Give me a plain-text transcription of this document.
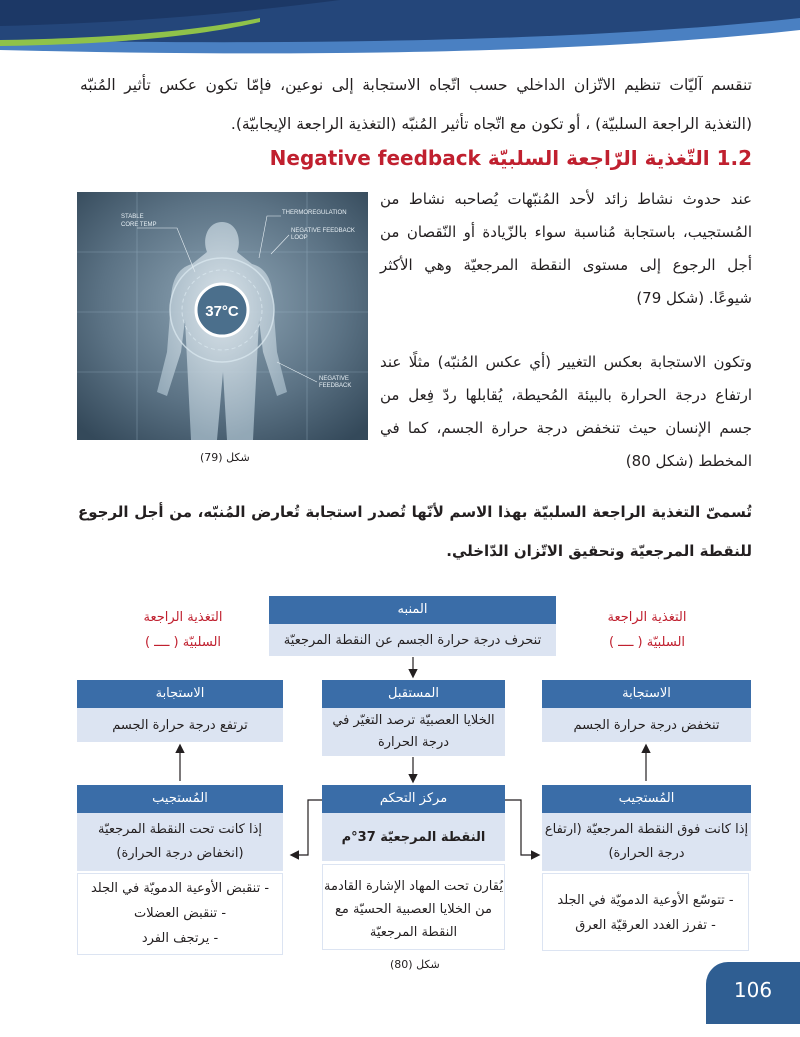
تنقسم آليّات تنظيم الاتّزان الداخلي حسب اتّجاه الاستجابة إلى نوعين، فإمّا تكون عكس تأثير المُنبّه (التغذية الراجعة السلبيّة) ، أو تكون مع اتّجاه تأثير المُنبّه (التغذية الراجعة الإيجابيّة).
1.2 التّغذية الرّاجعة السلبيّة Negative feedback
37°C
STABLE
CORE TEMP
THERMOREGULATION
NEGATIVE FEEDBACK
LOOP
NEGATIVE
FEEDBACK
شكل (79)
عند حدوث نشاط زائد لأحد المُنبّهات يُصاحبه نشاط من المُستجيب، باستجابة مُناسبة سواء بالزّيادة أو النّقصان من أجل الرجوع إلى مستوى النقطة المرجعيّة وهي الأكثر شيوعًا. (شكل 79)
وتكون الاستجابة بعكس التغيير (أي عكس المُنبّه) مثلًا عند ارتفاع درجة الحرارة بالبيئة المُحيطة، يُقابلها ردّ فِعل من جسم الإنسان حيث تنخفض درجة حرارة الجسم، كما في المخطط (شكل 80)
تُسمىّ التغذية الراجعة السلبيّة بهذا الاسم لأنّها تُصدر استجابة تُعارض المُنبّه، من أجل الرجوع للنقطة المرجعيّة وتحقيق الاتّزان الدّاخلي.
التغذية الراجعة
السلبيّة ( ــــ )
التغذية الراجعة
السلبيّة ( ــــ )
المنبه
تنحرف درجة حرارة الجسم عن النقطة المرجعيّة
الاستجابة
ترتفع درجة حرارة الجسم
المستقبل
الخلايا العصبيّة ترصد التغيّر في درجة الحرارة
الاستجابة
تنخفض درجة حرارة الجسم
المُستجيب
إذا كانت تحت النقطة المرجعيّة (انخفاض درجة الحرارة)
- تنقبض الأوعية الدمويّة في الجلد
- تنقبض العضلات
- يرتجف الفرد
مركز التحكم
النقطة المرجعيّة 37°م
يُقارن تحت المهاد الإشارة القادمة من الخلايا العصبية الحسيّة مع النقطة المرجعيّة
المُستجيب
إذا كانت فوق النقطة المرجعيّة (ارتفاع درجة الحرارة)
- تتوسّع الأوعية الدمويّة في الجلد
- تفرز الغدد العرقيّة العرق
شكل (80)
106
